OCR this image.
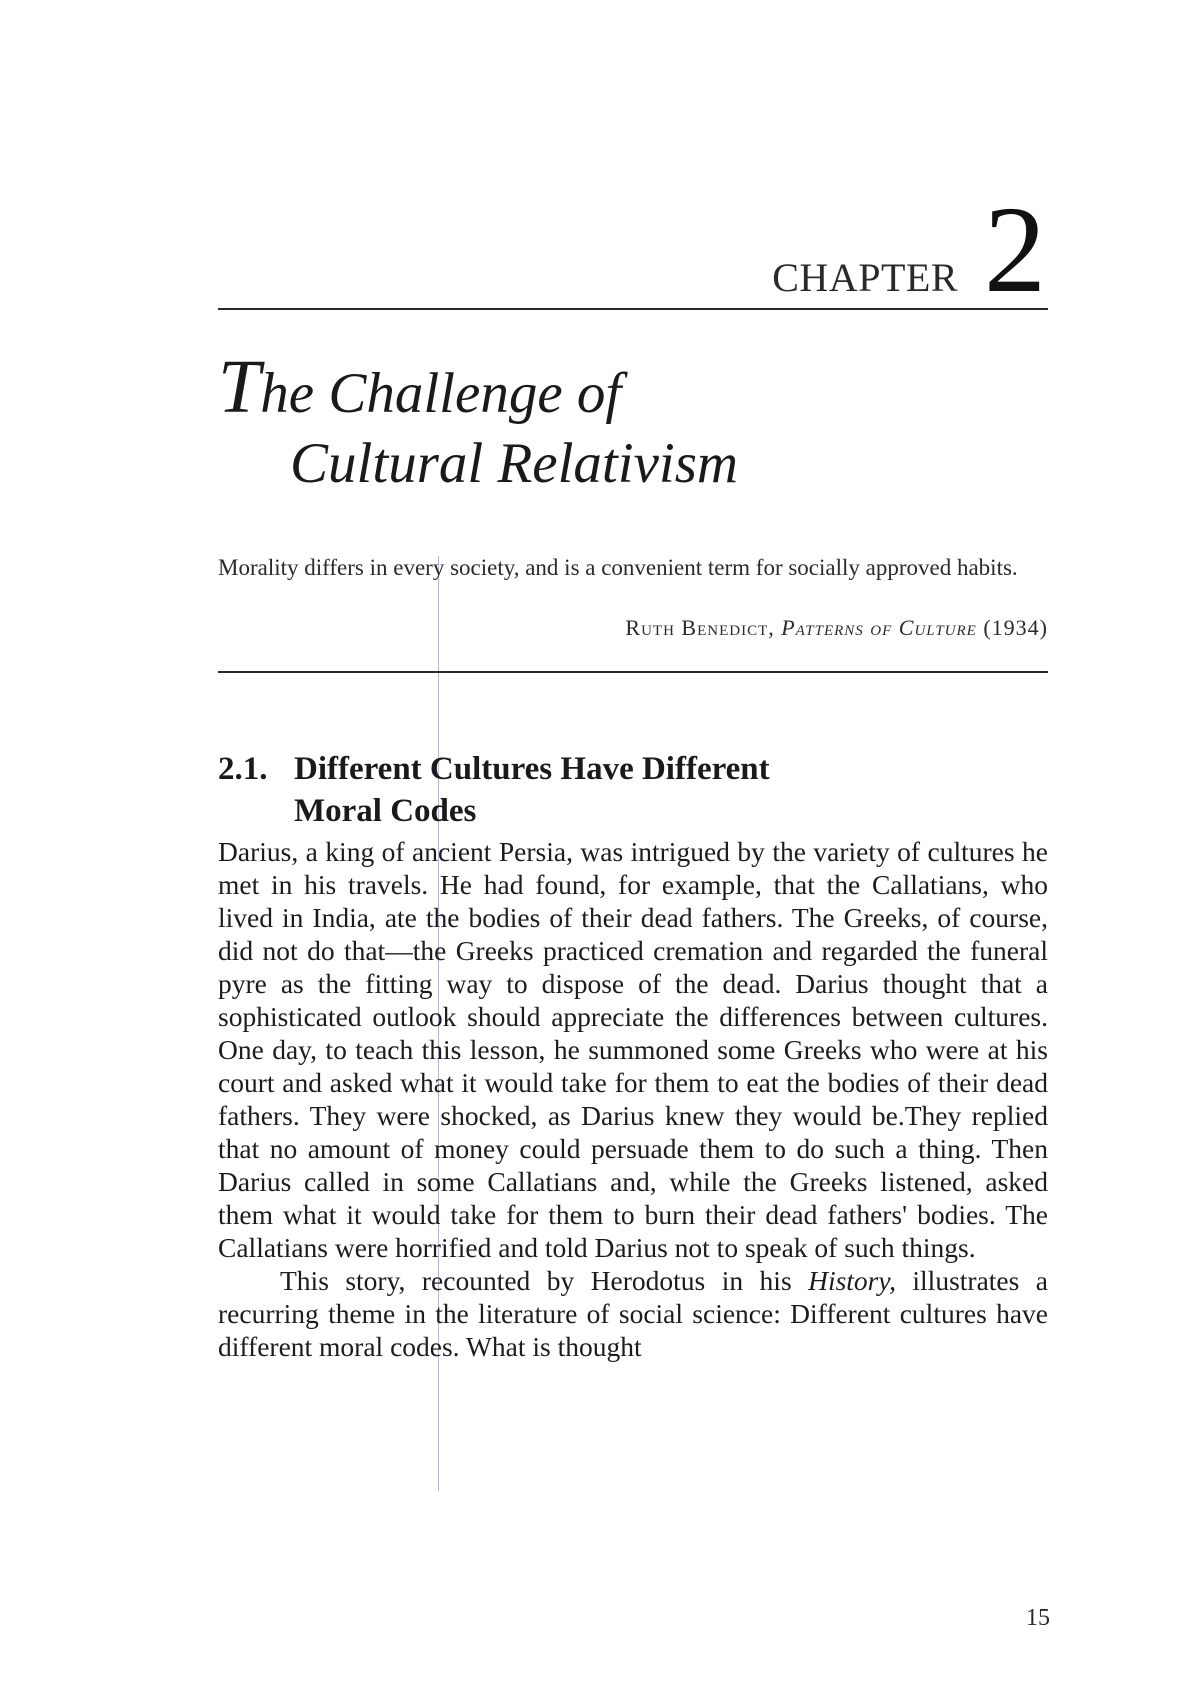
CHAPTER 2
The Challenge of
Cultural Relativism
Morality differs in every society, and is a convenient term for socially approved habits.
Ruth Benedict, Patterns of Culture (1934)
2.1. Different Cultures Have Different
Moral Codes

Darius, a king of ancient Persia, was intrigued by the variety of cultures he met in his travels. He had found, for example, that the Callatians, who lived in India, ate the bodies of their dead fathers. The Greeks, of course, did not do that—the Greeks practiced cremation and regarded the funeral pyre as the fitting way to dispose of the dead. Darius thought that a sophisticated outlook should appreciate the differences between cultures. One day, to teach this lesson, he summoned some Greeks who were at his court and asked what it would take for them to eat the bodies of their dead fathers. They were shocked, as Darius knew they would be.They replied that no amount of money could persuade them to do such a thing. Then Darius called in some Callatians and, while the Greeks listened, asked them what it would take for them to burn their dead fathers' bodies. The Callatians were horrified and told Darius not to speak of such things.

This story, recounted by Herodotus in his History, illustrates a recurring theme in the literature of social science: Different cultures have different moral codes. What is thought

15
